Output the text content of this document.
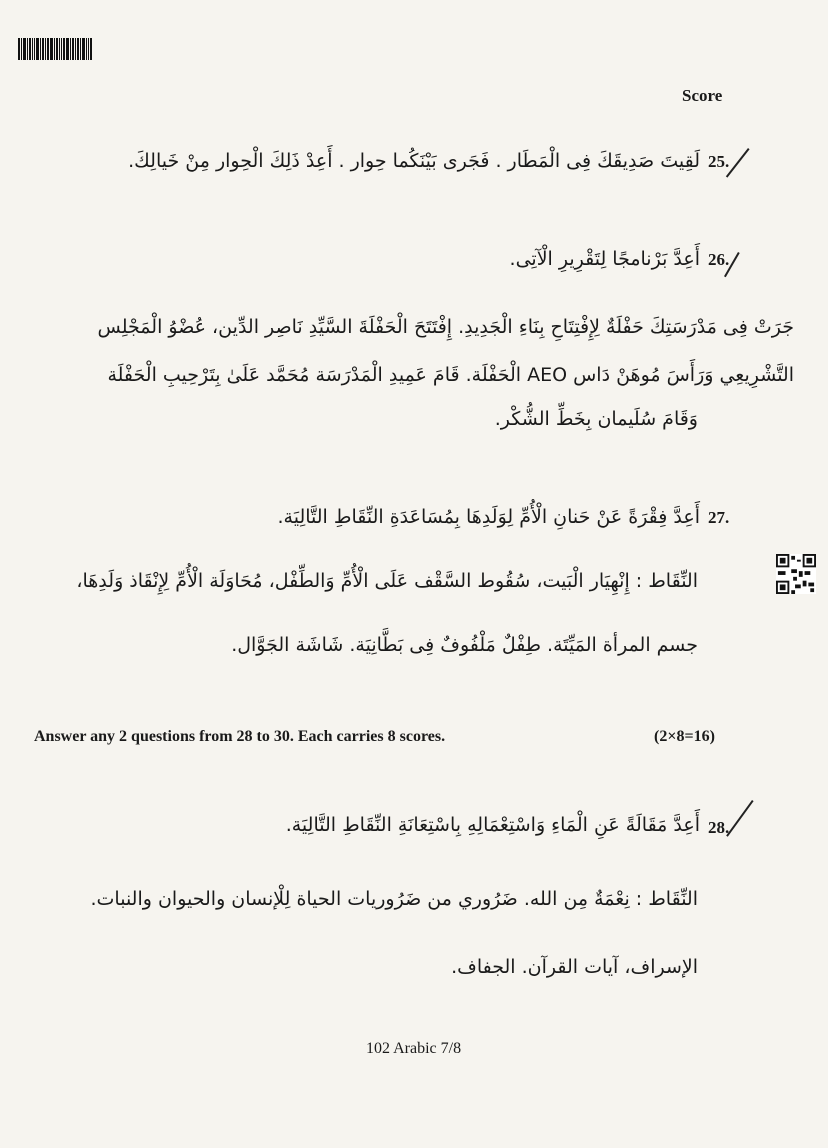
Score
25.
لَقِيتَ صَدِيقَكَ فِى الْمَطَار . فَجَرى بَيْنَكُما حِوار . أَعِدْ ذَلِكَ الْحِوار مِنْ خَيالِكَ.
26.
أَعِدَّ بَرْنامجًا لِتَقْرِيرِ الْآتِى.
جَرَتْ فِى مَدْرَسَتِكَ حَفْلَةٌ لِإِفْتِتَاحِ بِنَاءِ الْجَدِيدِ. إِفْتَتَحَ الْحَفْلَةَ السَّيِّدِ نَاصِر الدِّين، عُضْوُ الْمَجْلِس
التَّشْرِيعِي وَرَأَسَ مُوهَنْ دَاس AEO الْحَفْلَة. قَامَ عَمِيدِ الْمَدْرَسَة مُحَمَّد عَلَىٰ بِتَرْحِيبِ الْحَفْلَة
وَقَامَ سُلَيمان بِخَطِّ الشُّكْر.
27.
أَعِدَّ فِقْرَةً عَنْ حَنانِ الْأُمِّ لِوَلَدِهَا بِمُسَاعَدَةِ النِّقَاطِ التَّالِيَة.
النِّقَاط : إِنْهِيَار الْبَيت، سُقُوط السَّقْف عَلَى الْأُمِّ وَالطِّفْل، مُحَاوَلَة الْأُمِّ لِإِنْقَاذ وَلَدِهَا،
جسم المرأة المَيِّتَة. طِفْلٌ مَلْفُوفٌ فِى بَطَّانِيَة. شَاشَة الجَوَّال.
Answer any 2 questions from 28 to 30. Each carries 8 scores.	(2×8=16)
28.
أَعِدَّ مَقَالَةً عَنِ الْمَاءِ وَاسْتِعْمَالِهِ بِاسْتِعَانَةِ النِّقَاطِ التَّالِيَة.
النِّقَاط : نِعْمَةٌ مِن الله. ضَرُوري من ضَرُوريات الحياة لِلْإنسان والحيوان والنبات.
الإسراف، آيات القرآن. الجفاف.
102 Arabic 7/8
